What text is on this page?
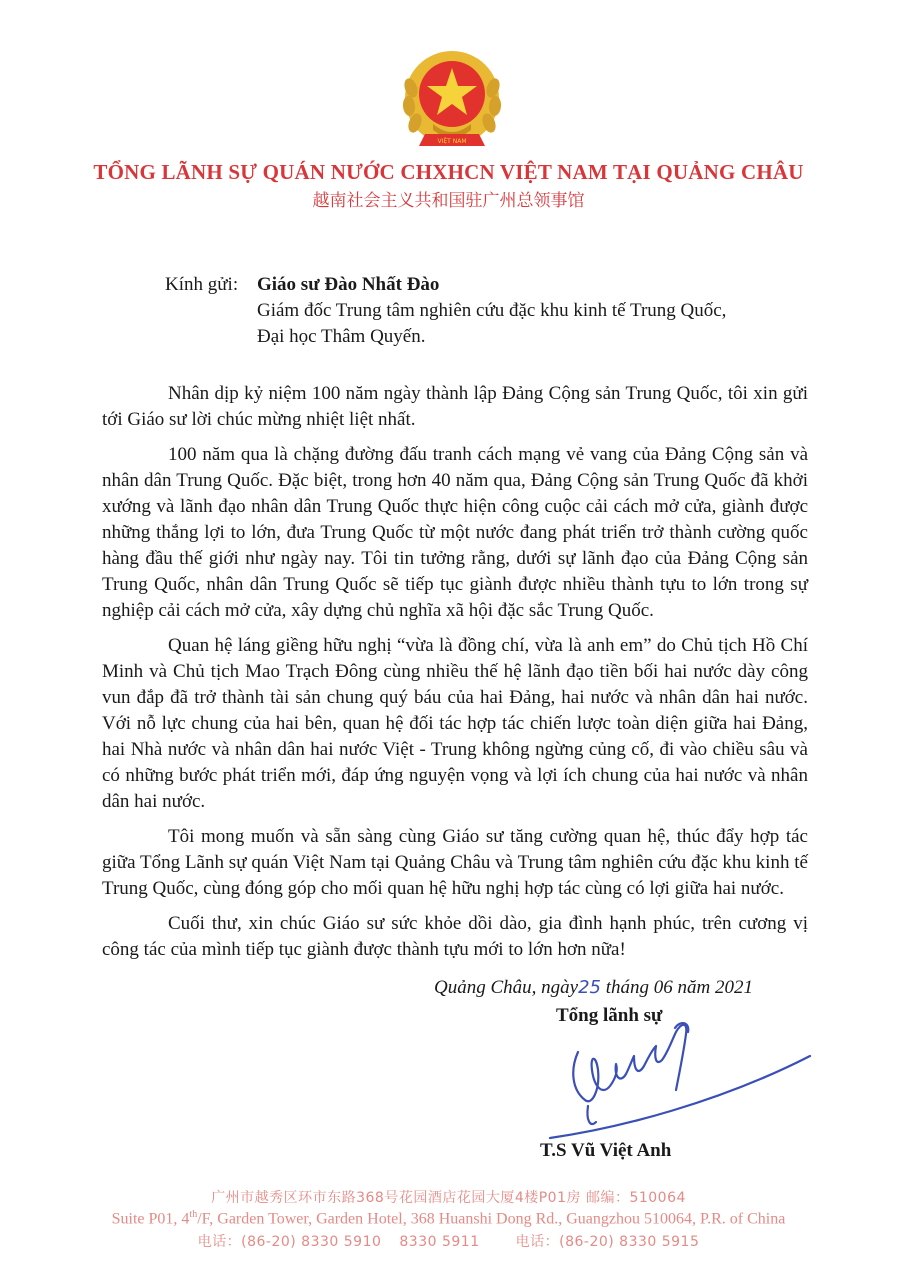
VIỆT NAM
TỔNG LÃNH SỰ QUÁN NƯỚC CHXHCN VIỆT NAM TẠI QUẢNG CHÂU
越南社会主义共和国驻广州总领事馆
Kính gửi: Giáo sư Đào Nhất Đào
Giám đốc Trung tâm nghiên cứu đặc khu kinh tế Trung Quốc,
Đại học Thâm Quyến.

Nhân dịp kỷ niệm 100 năm ngày thành lập Đảng Cộng sản Trung Quốc, tôi xin gửi tới Giáo sư lời chúc mừng nhiệt liệt nhất.

100 năm qua là chặng đường đấu tranh cách mạng vẻ vang của Đảng Cộng sản và nhân dân Trung Quốc. Đặc biệt, trong hơn 40 năm qua, Đảng Cộng sản Trung Quốc đã khởi xướng và lãnh đạo nhân dân Trung Quốc thực hiện công cuộc cải cách mở cửa, giành được những thắng lợi to lớn, đưa Trung Quốc từ một nước đang phát triển trở thành cường quốc hàng đầu thế giới như ngày nay. Tôi tin tưởng rằng, dưới sự lãnh đạo của Đảng Cộng sản Trung Quốc, nhân dân Trung Quốc sẽ tiếp tục giành được nhiều thành tựu to lớn trong sự nghiệp cải cách mở cửa, xây dựng chủ nghĩa xã hội đặc sắc Trung Quốc.

Quan hệ láng giềng hữu nghị “vừa là đồng chí, vừa là anh em” do Chủ tịch Hồ Chí Minh và Chủ tịch Mao Trạch Đông cùng nhiều thế hệ lãnh đạo tiền bối hai nước dày công vun đắp đã trở thành tài sản chung quý báu của hai Đảng, hai nước và nhân dân hai nước. Với nỗ lực chung của hai bên, quan hệ đối tác hợp tác chiến lược toàn diện giữa hai Đảng, hai Nhà nước và nhân dân hai nước Việt - Trung không ngừng củng cố, đi vào chiều sâu và có những bước phát triển mới, đáp ứng nguyện vọng và lợi ích chung của hai nước và nhân dân hai nước.

Tôi mong muốn và sẵn sàng cùng Giáo sư tăng cường quan hệ, thúc đẩy hợp tác giữa Tổng Lãnh sự quán Việt Nam tại Quảng Châu và Trung tâm nghiên cứu đặc khu kinh tế Trung Quốc, cùng đóng góp cho mối quan hệ hữu nghị hợp tác cùng có lợi giữa hai nước.

Cuối thư, xin chúc Giáo sư sức khỏe dồi dào, gia đình hạnh phúc, trên cương vị công tác của mình tiếp tục giành được thành tựu mới to lớn hơn nữa!

Quảng Châu, ngày25 tháng 06 năm 2021
Tổng lãnh sự
T.S Vũ Việt Anh
广州市越秀区环市东路368号花园酒店花园大厦4楼P01房 邮编：510064
Suite P01, 4th/F, Garden Tower, Garden Hotel, 368 Huanshi Dong Rd., Guangzhou 510064, P.R. of China
电话：(86-20) 8330 5910 8330 5911	电话：(86-20) 8330 5915
